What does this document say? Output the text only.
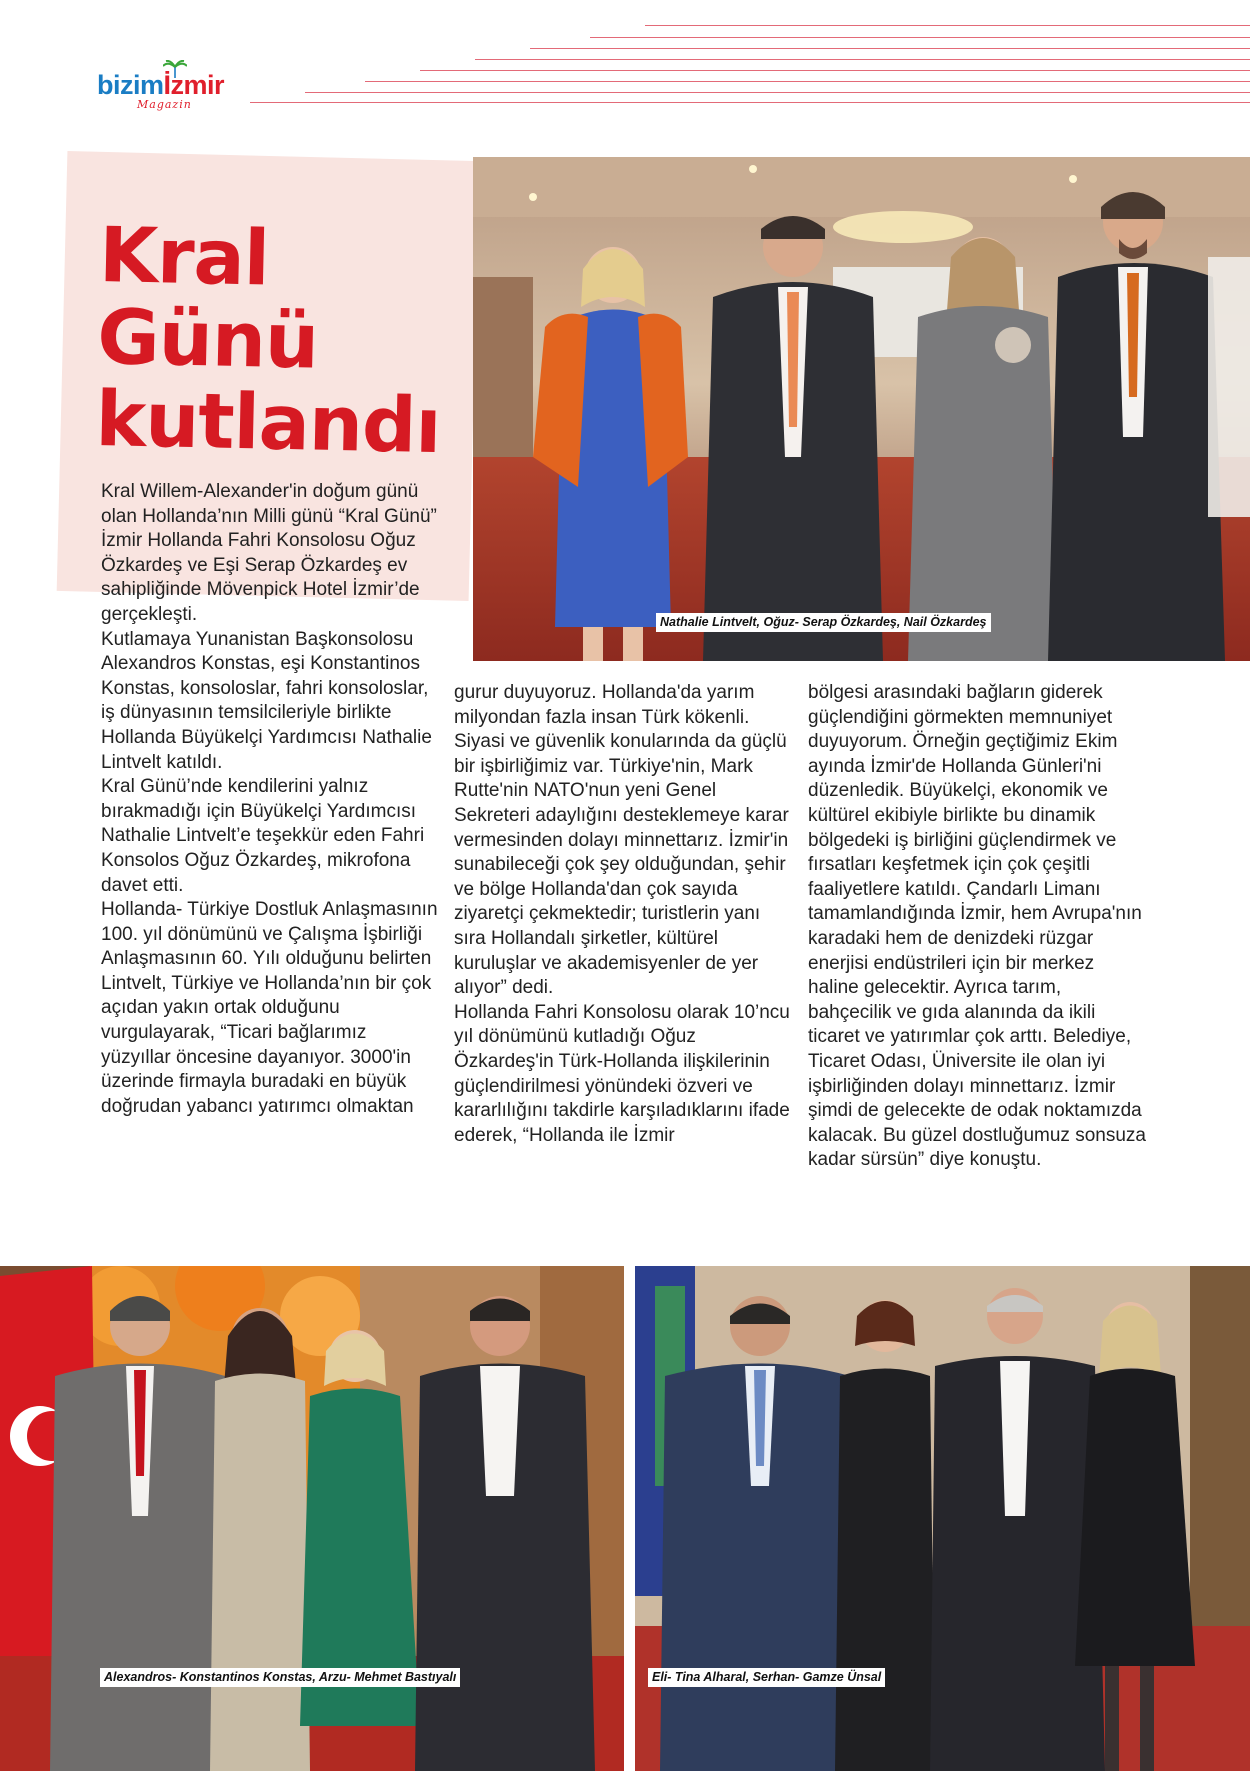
bizimİzmir
Magazin
Kral
Günü
kutlandı
Nathalie Lintvelt, Oğuz- Serap Özkardeş, Nail Özkardeş

Kral Willem-Alexander'in doğum günü olan Hollanda’nın Milli günü “Kral Günü” İzmir Hollanda Fahri Konsolosu Oğuz Özkardeş ve Eşi Serap Özkardeş ev sahipliğinde Mövenpick Hotel İzmir’de gerçekleşti.

Kutlamaya Yunanistan Başkonsolosu Alexandros Konstas, eşi Konstantinos Konstas, konsoloslar, fahri konsoloslar, iş dünyasının temsilcileriyle birlikte Hollanda Büyükelçi Yardımcısı Nathalie Lintvelt katıldı.

Kral Günü’nde kendilerini yalnız bırakmadığı için Büyükelçi Yardımcısı Nathalie Lintvelt’e teşekkür eden Fahri Konsolos Oğuz Özkardeş, mikrofona davet etti.

Hollanda- Türkiye Dostluk Anlaşmasının 100. yıl dönümünü ve Çalışma İşbirliği Anlaşmasının 60. Yılı olduğunu belirten Lintvelt, Türkiye ve Hollanda’nın bir çok açıdan yakın ortak olduğunu vurgulayarak, “Ticari bağlarımız yüzyıllar öncesine dayanıyor. 3000'in üzerinde firmayla buradaki en büyük doğrudan yabancı yatırımcı olmaktan

gurur duyuyoruz. Hollanda'da yarım milyondan fazla insan Türk kökenli. Siyasi ve güvenlik konularında da güçlü bir işbirliğimiz var. Türkiye'nin, Mark Rutte'nin NATO'nun yeni Genel Sekreteri adaylığını desteklemeye karar vermesinden dolayı minnettarız. İzmir'in sunabileceği çok şey olduğundan, şehir ve bölge Hollanda'dan çok sayıda ziyaretçi çekmektedir; turistlerin yanı sıra Hollandalı şirketler, kültürel kuruluşlar ve akademisyenler de yer alıyor” dedi.

Hollanda Fahri Konsolosu olarak 10’ncu yıl dönümünü kutladığı Oğuz Özkardeş'in Türk-Hollanda ilişkilerinin güçlendirilmesi yönündeki özveri ve kararlılığını takdirle karşıladıklarını ifade ederek, “Hollanda ile İzmir

bölgesi arasındaki bağların giderek güçlendiğini görmekten memnuniyet duyuyorum. Örneğin geçtiğimiz Ekim ayında İzmir'de Hollanda Günleri'ni düzenledik. Büyükelçi, ekonomik ve kültürel ekibiyle birlikte bu dinamik bölgedeki iş birliğini güçlendirmek ve fırsatları keşfetmek için çok çeşitli faaliyetlere katıldı. Çandarlı Limanı tamamlandığında İzmir, hem Avrupa'nın karadaki hem de denizdeki rüzgar enerjisi endüstrileri için bir merkez haline gelecektir. Ayrıca tarım, bahçecilik ve gıda alanında da ikili ticaret ve yatırımlar çok arttı. Belediye, Ticaret Odası, Üniversite ile olan iyi işbirliğinden dolayı minnettarız. İzmir şimdi de gelecekte de odak noktamızda kalacak. Bu güzel dostluğumuz sonsuza kadar sürsün” diye konuştu.

Alexandros- Konstantinos Konstas, Arzu- Mehmet Bastıyalı	Eli- Tina Alharal, Serhan- Gamze Ünsal
